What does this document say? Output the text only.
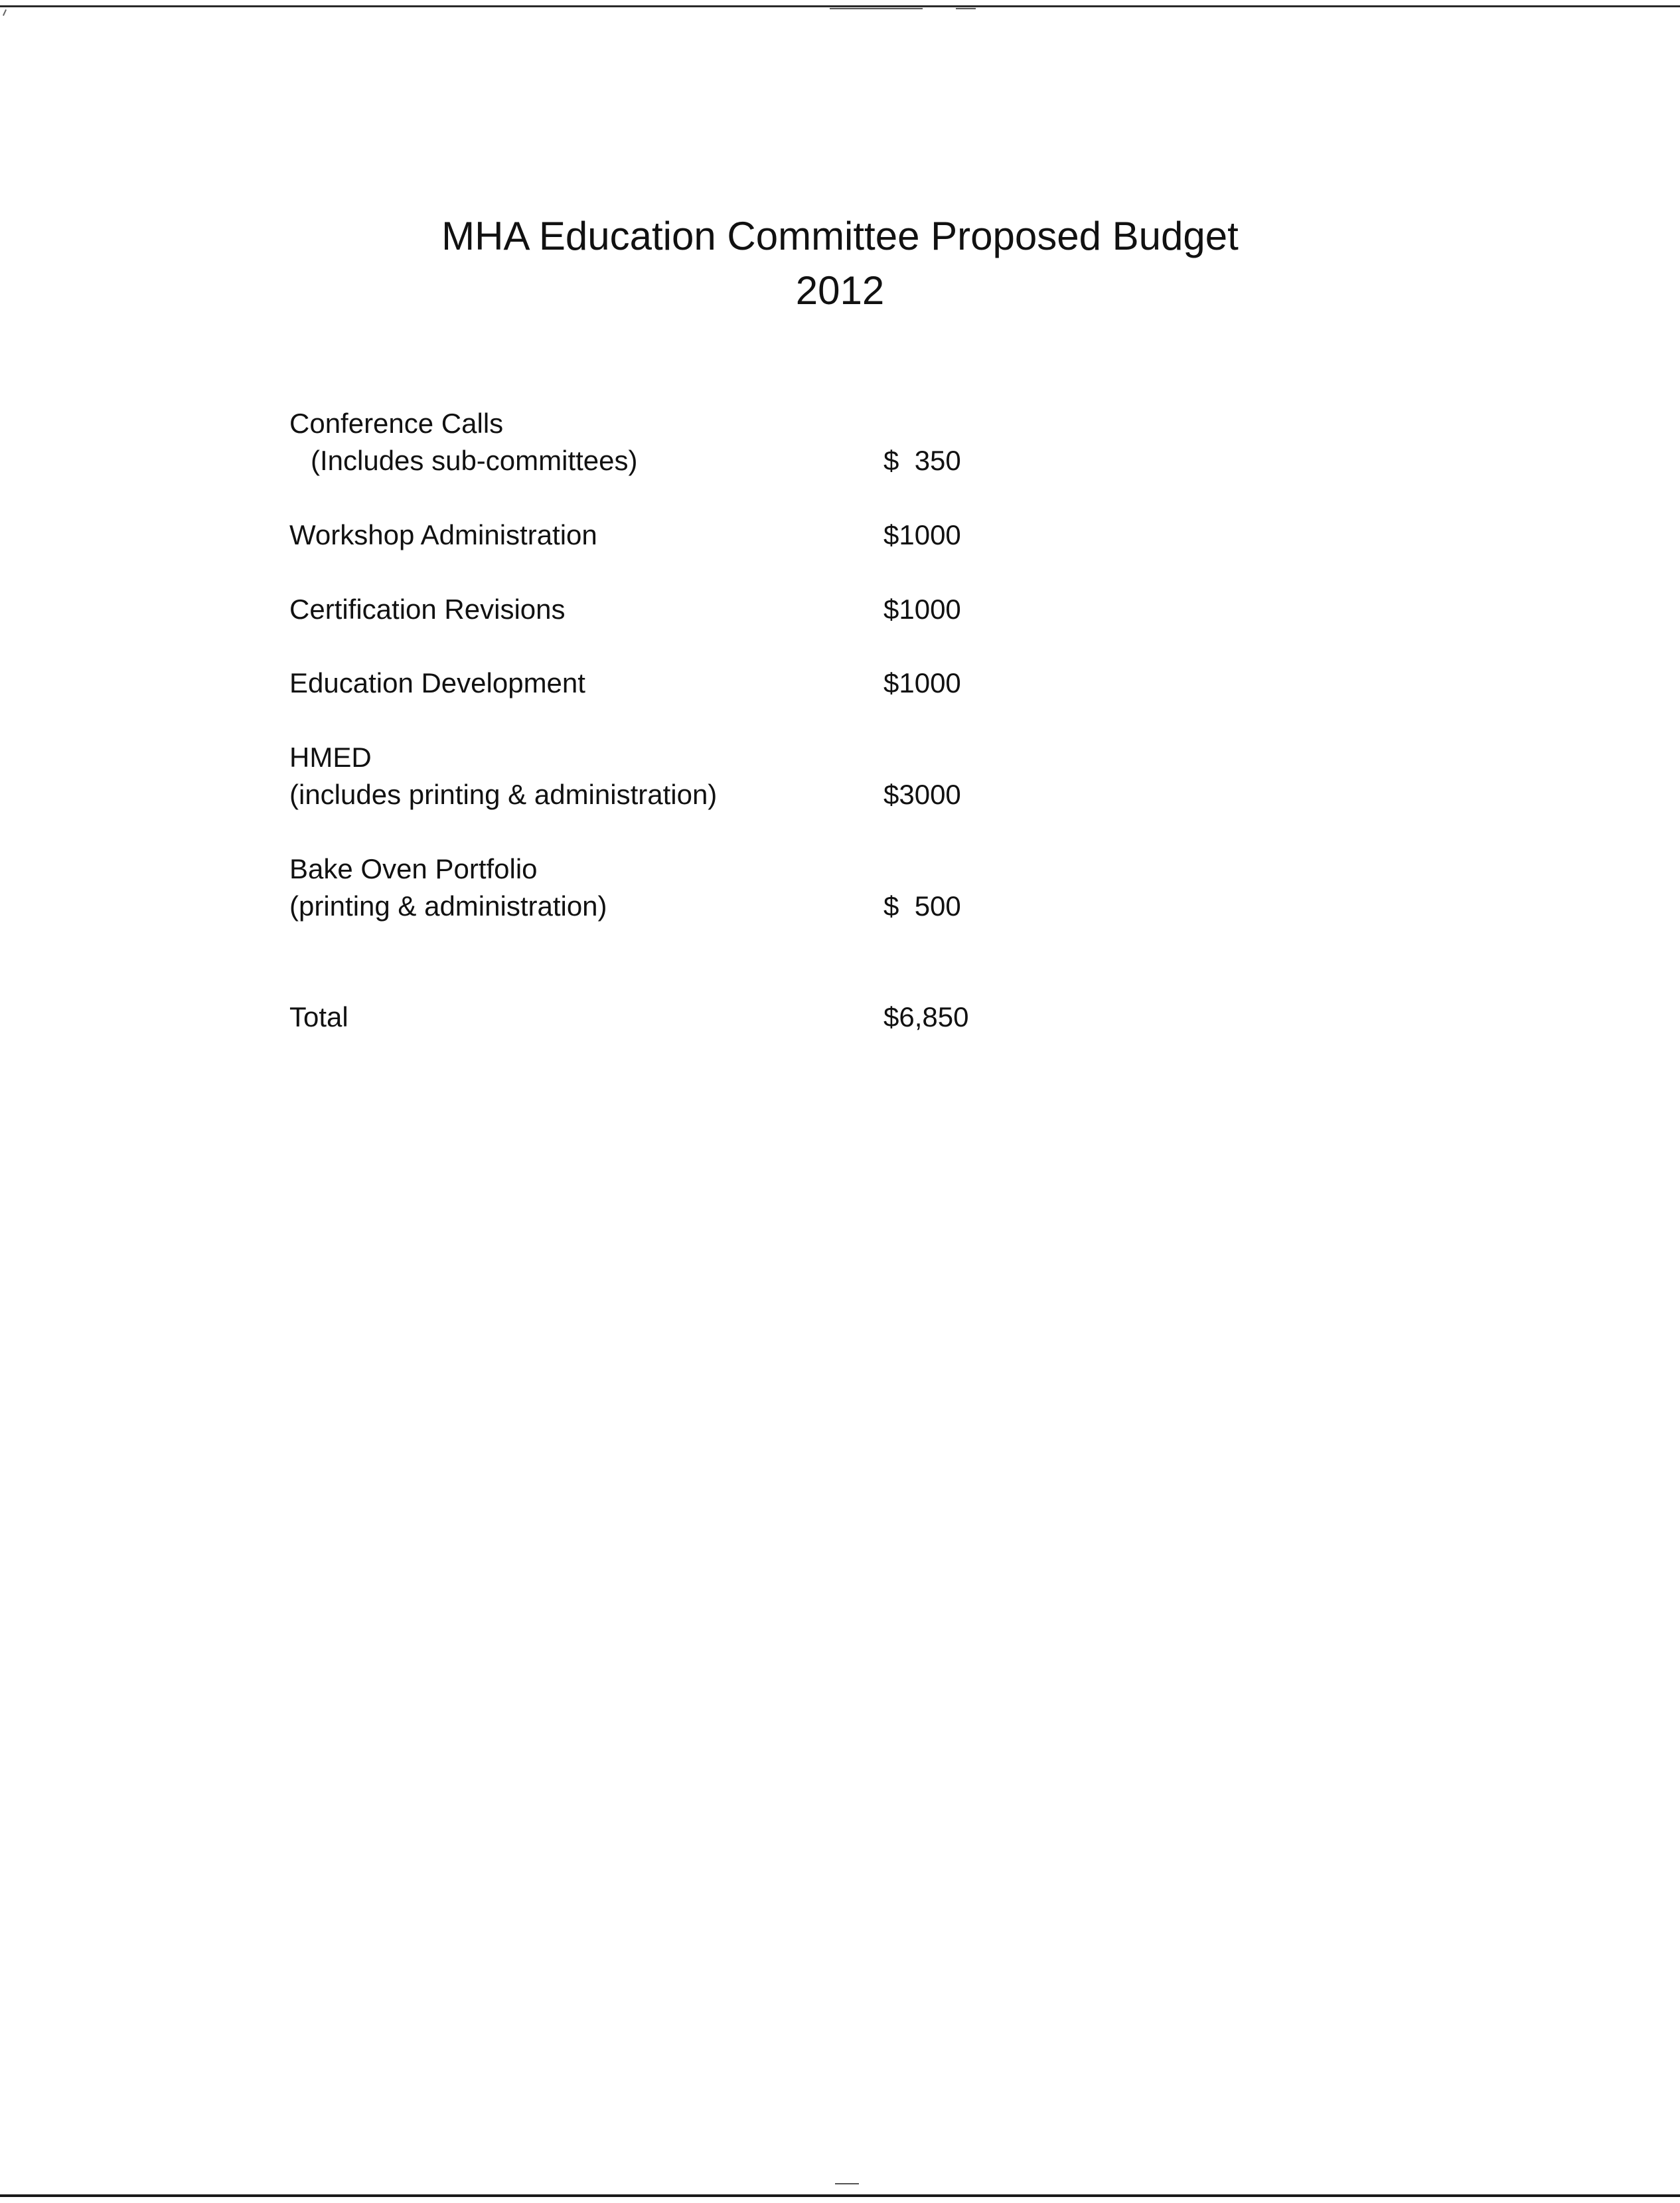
MHA Education Committee Proposed Budget
2012
Conference Calls
(Includes sub-committees)	$  350
Workshop Administration	$1000
Certification Revisions	$1000
Education Development	$1000
HMED
(includes printing & administration)	$3000
Bake Oven Portfolio
(printing & administration)	$  500
Total	$6,850
